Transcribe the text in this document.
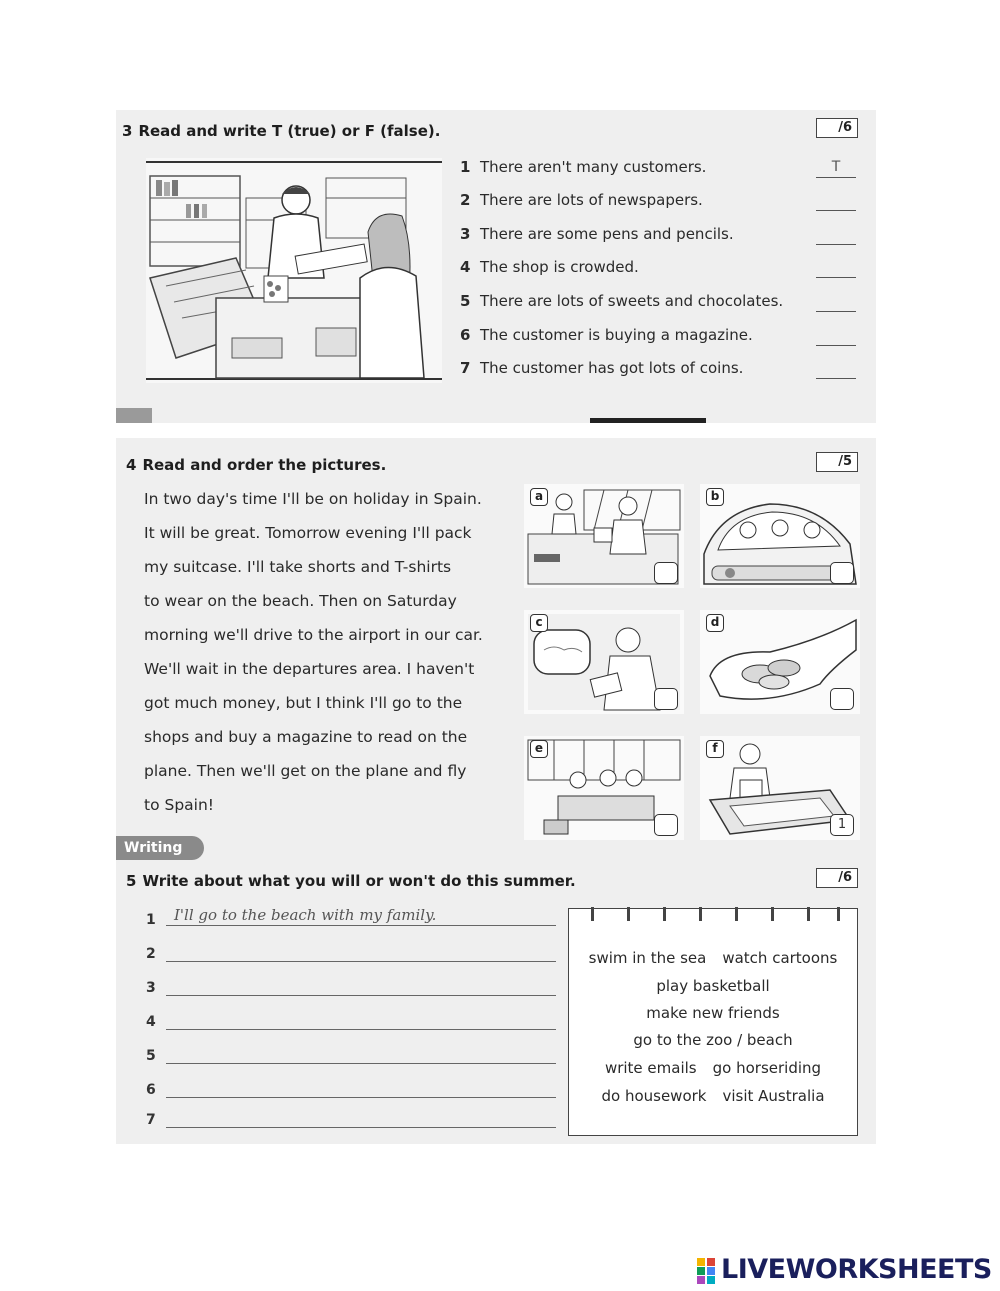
3 Read and write T (true) or F (false).	/6
1 There aren't many customers.	T
2 There are lots of newspapers.
3 There are some pens and pencils.
4 The shop is crowded.
5 There are lots of sweets and chocolates.
6 The customer is buying a magazine.
7 The customer has got lots of coins.
4 Read and order the pictures.	/5
In two day's time I'll be on holiday in Spain.
It will be great. Tomorrow evening I'll pack
my suitcase. I'll take shorts and T-shirts
to wear on the beach. Then on Saturday
morning we'll drive to the airport in our car.
We'll wait in the departures area. I haven't
got much money, but I think I'll go to the
shops and buy a magazine to read on the
plane. Then we'll get on the plane and fly
to Spain!
a	b
c	d
e	f
1
Writing
5 Write about what you will or won't do this summer.	/6
1 I'll go to the beach with my family.
2
3
4
5
6
7
swim in the sea watch cartoons
play basketball
make new friends
go to the zoo / beach
write emails go horseriding
do housework visit Australia
LIVEWORKSHEETS
